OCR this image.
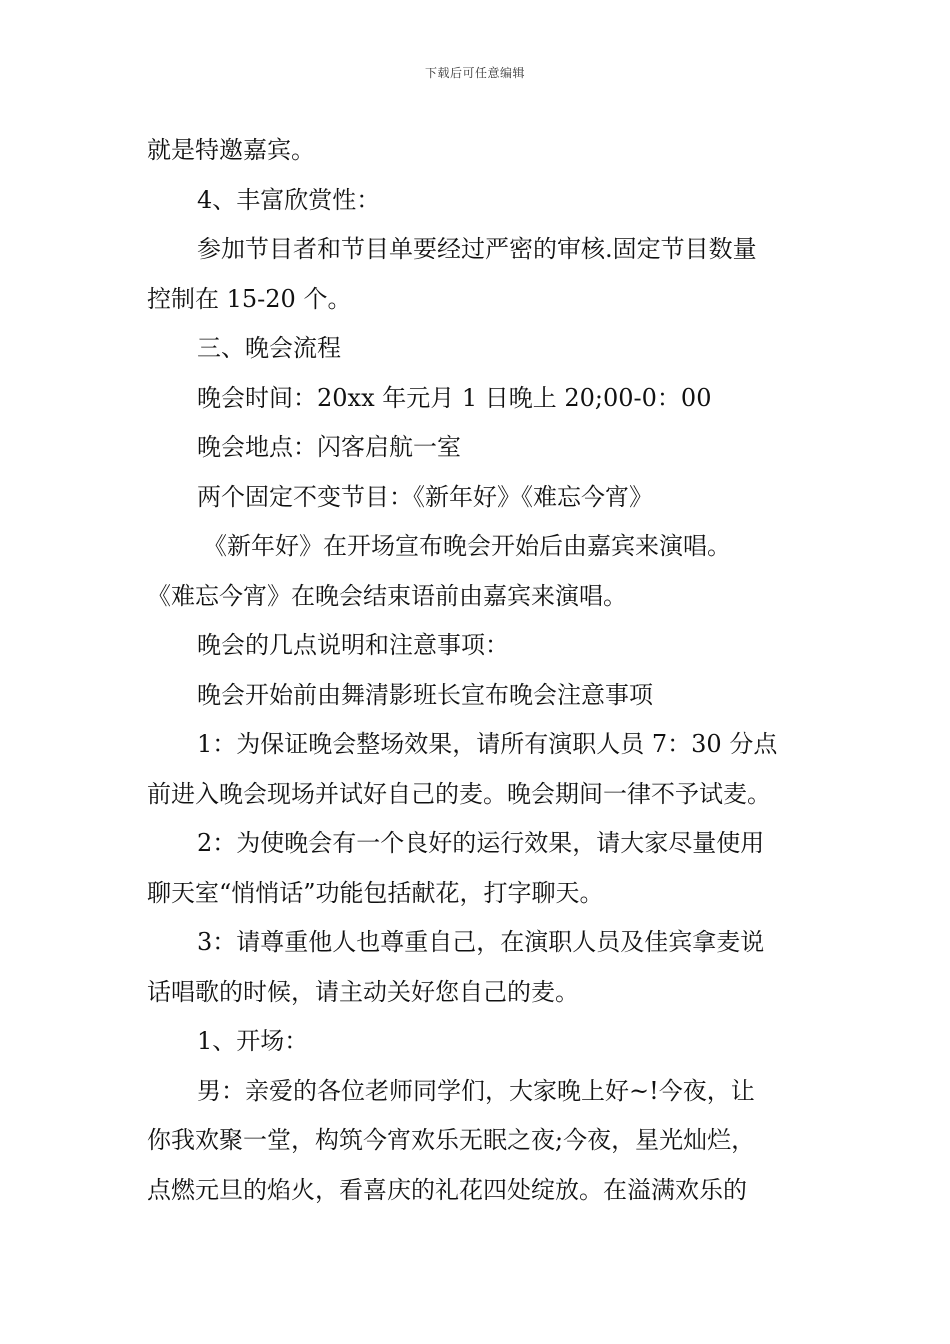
下载后可任意编辑
就是特邀嘉宾。
4、丰富欣赏性：
参加节目者和节目单要经过严密的审核.固定节目数量
控制在 15-20 个。
三、晚会流程
晚会时间：20xx 年元月 1 日晚上 20;00-0：00
晚会地点：闪客启航一室
两个固定不变节目：《新年好》《难忘今宵》
《新年好》在开场宣布晚会开始后由嘉宾来演唱。
《难忘今宵》在晚会结束语前由嘉宾来演唱。
晚会的几点说明和注意事项：
晚会开始前由舞清影班长宣布晚会注意事项
1：为保证晚会整场效果，请所有演职人员 7：30 分点
前进入晚会现场并试好自己的麦。晚会期间一律不予试麦。
2：为使晚会有一个良好的运行效果，请大家尽量使用
聊天室“悄悄话”功能包括献花，打字聊天。
3：请尊重他人也尊重自己，在演职人员及佳宾拿麦说
话唱歌的时候，请主动关好您自己的麦。
1、开场：
男：亲爱的各位老师同学们，大家晚上好~!今夜，让
你我欢聚一堂，构筑今宵欢乐无眠之夜;今夜，星光灿烂，
点燃元旦的焰火，看喜庆的礼花四处绽放。在溢满欢乐的
